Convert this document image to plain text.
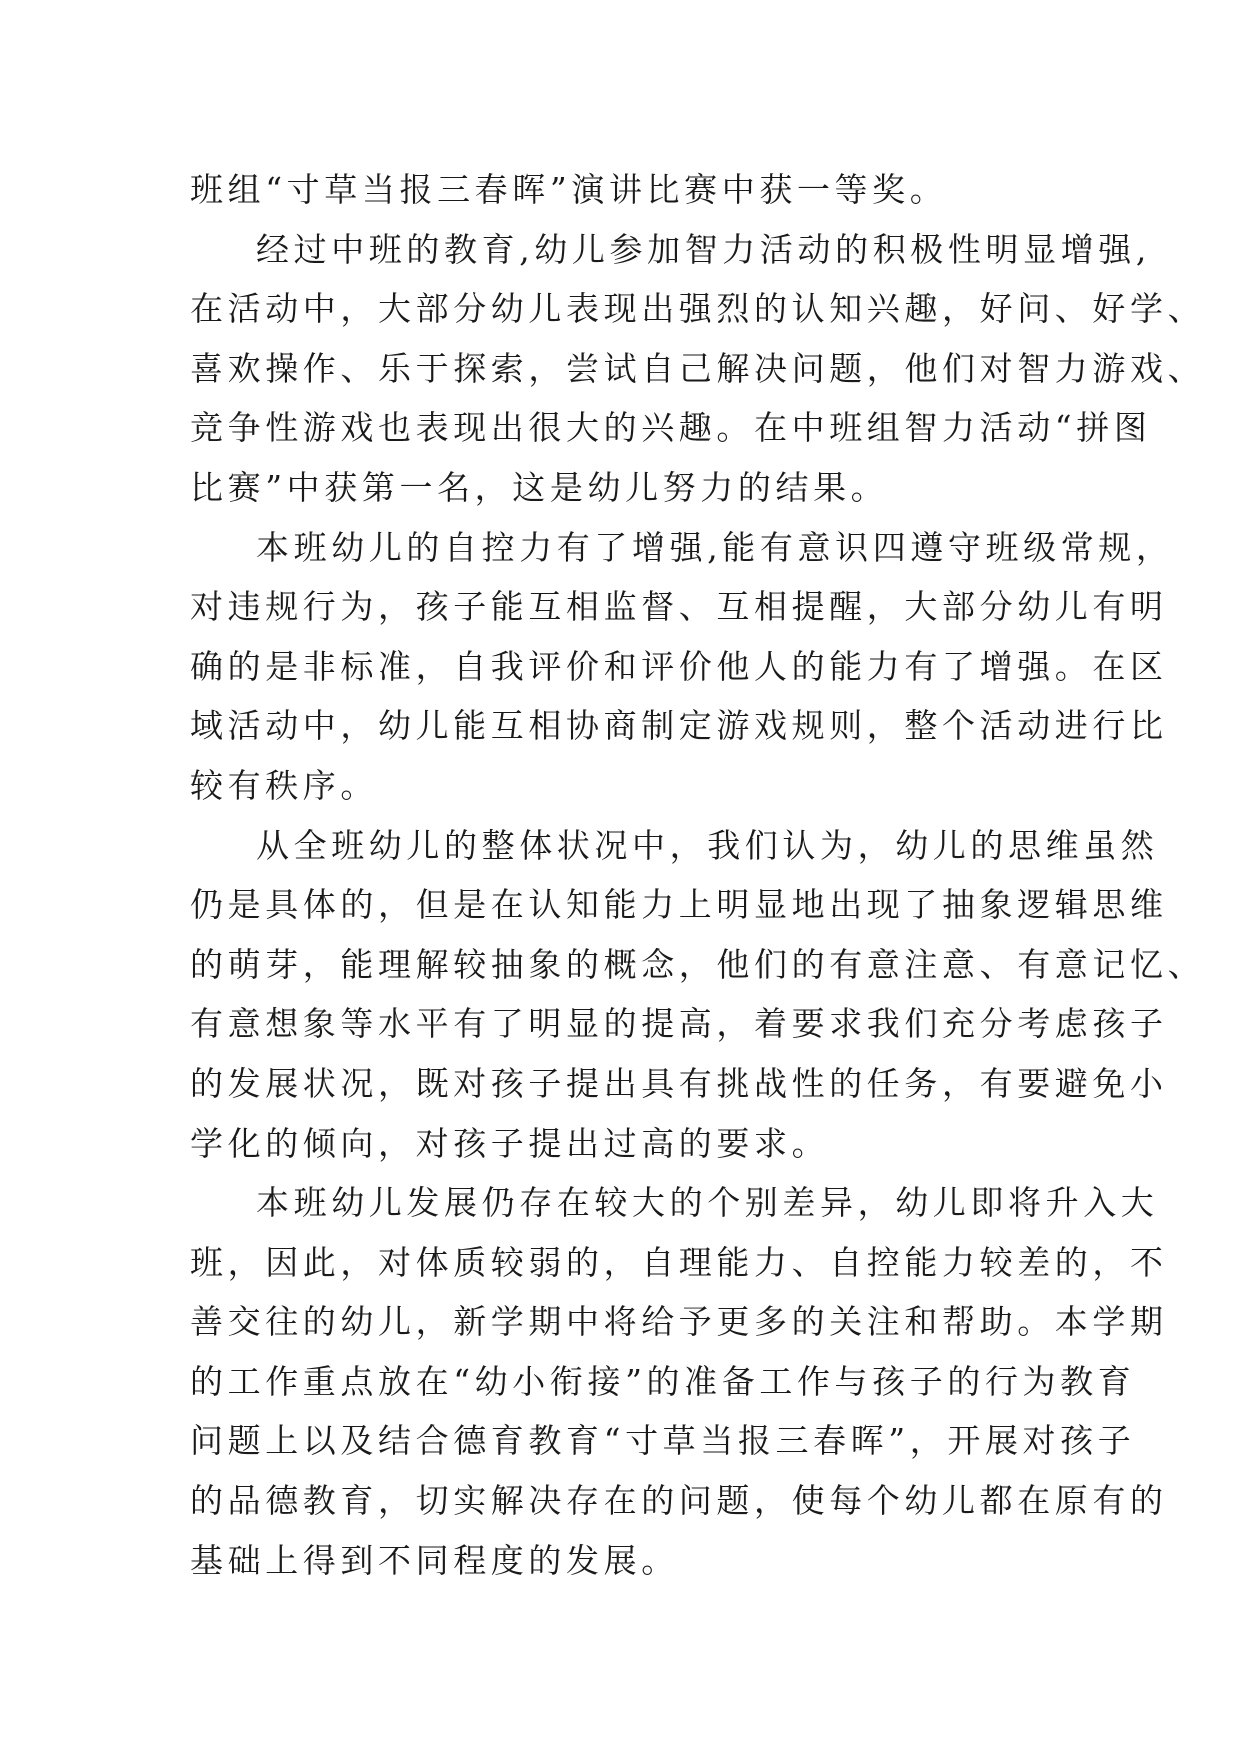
班组“寸草当报三春晖”演讲比赛中获一等奖。
经过中班的教育,幼儿参加智力活动的积极性明显增强,
在活动中，大部分幼儿表现出强烈的认知兴趣，好问、好学、
喜欢操作、乐于探索，尝试自己解决问题，他们对智力游戏、
竞争性游戏也表现出很大的兴趣。在中班组智力活动“拼图
比赛”中获第一名，这是幼儿努力的结果。
本班幼儿的自控力有了增强,能有意识四遵守班级常规，
对违规行为，孩子能互相监督、互相提醒，大部分幼儿有明
确的是非标准，自我评价和评价他人的能力有了增强。在区
域活动中，幼儿能互相协商制定游戏规则，整个活动进行比
较有秩序。
从全班幼儿的整体状况中，我们认为，幼儿的思维虽然
仍是具体的，但是在认知能力上明显地出现了抽象逻辑思维
的萌芽，能理解较抽象的概念，他们的有意注意、有意记忆、
有意想象等水平有了明显的提高，着要求我们充分考虑孩子
的发展状况，既对孩子提出具有挑战性的任务，有要避免小
学化的倾向，对孩子提出过高的要求。
本班幼儿发展仍存在较大的个别差异，幼儿即将升入大
班，因此，对体质较弱的，自理能力、自控能力较差的，不
善交往的幼儿，新学期中将给予更多的关注和帮助。本学期
的工作重点放在“幼小衔接”的准备工作与孩子的行为教育
问题上以及结合德育教育“寸草当报三春晖”，开展对孩子
的品德教育，切实解决存在的问题，使每个幼儿都在原有的
基础上得到不同程度的发展。
